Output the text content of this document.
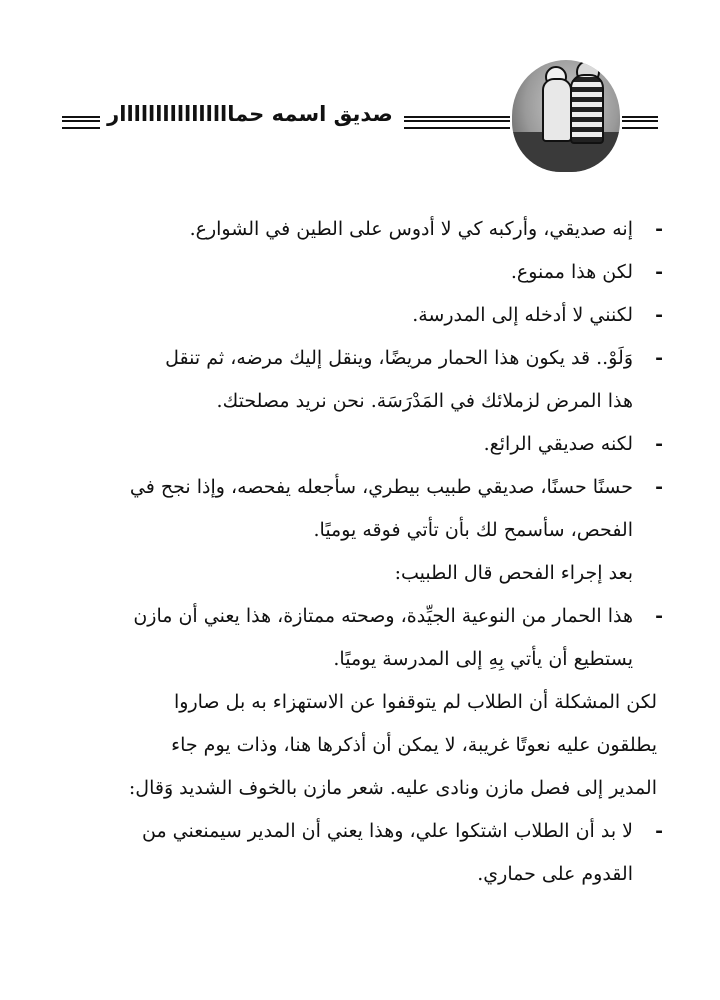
صديق اسمه حماااااااااااااااار

- إنه صديقي، وأركبه كي لا أدوس على الطين في الشوارع.

- لكن هذا ممنوع.

- لكنني لا أدخله إلى المدرسة.

- وَلَوْ.. قد يكون هذا الحمار مريضًا، وينقل إليك مرضه، ثم تنقل

هذا المرض لزملائك في المَدْرَسَة. نحن نريد مصلحتك.

- لكنه صديقي الرائع.

- حسنًا حسنًا، صديقي طبيب بيطري، سأجعله يفحصه، وإذا نجح في

الفحص، سأسمح لك بأن تأتي فوقه يوميًا.

بعد إجراء الفحص قال الطبيب:

- هذا الحمار من النوعية الجيِّدة، وصحته ممتازة، هذا يعني أن مازن

يستطيع أن يأتي بِهِ إلى المدرسة يوميًا.

لكن المشكلة أن الطلاب لم يتوقفوا عن الاستهزاء به بل صاروا

يطلقون عليه نعوتًا غريبة، لا يمكن أن أذكرها هنا، وذات يوم جاء

المدير إلى فصل مازن ونادى عليه. شعر مازن بالخوف الشديد وَقال:

- لا بد أن الطلاب اشتكوا علي، وهذا يعني أن المدير سيمنعني من

القدوم على حماري.
